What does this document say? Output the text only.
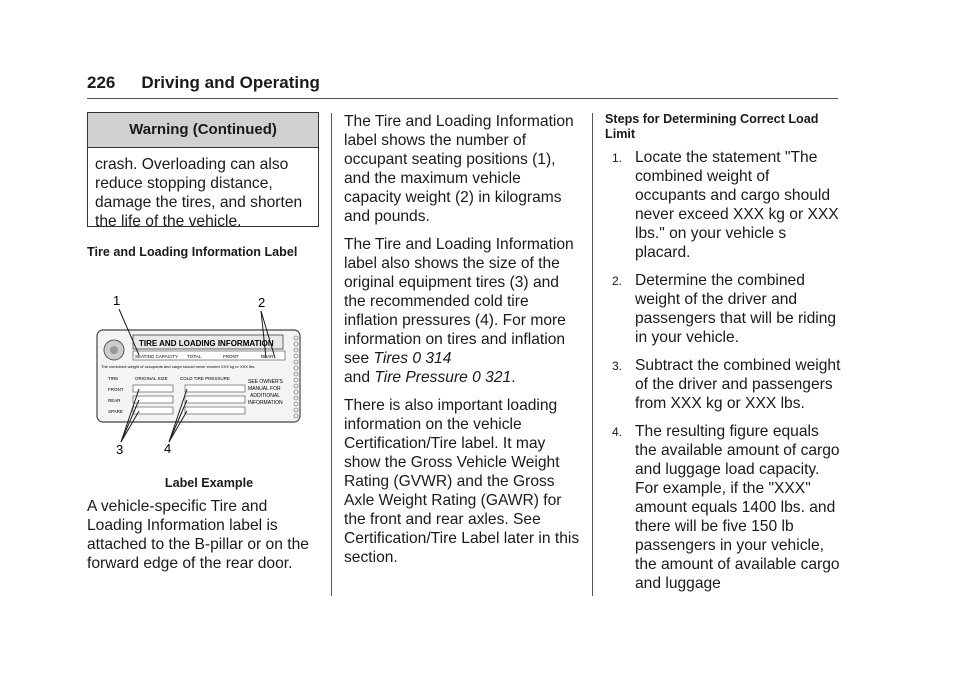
226 Driving and Operating
Warning (Continued)
crash. Overloading can also reduce stopping distance, damage the tires, and shorten the life of the vehicle.
Tire and Loading Information Label
1	2
3	4
TIRE AND LOADING INFORMATION
SEATING CAPACITY TOTAL	FRONT	REAR
The combined weight of occupants and cargo should never exceed XXX kg or XXX lbs.
TIRE	ORIGINAL SIZE	COLD TIRE PRESSURE
FRONT
REAR
SPARE
SEE OWNER'S
MANUAL FOR
ADDITIONAL
INFORMATION
Label Example
A vehicle-specific Tire and Loading Information label is attached to the B-pillar or on the forward edge of the rear door.

The Tire and Loading Information label shows the number of occupant seating positions (1), and the maximum vehicle capacity weight (2) in kilograms and pounds.

The Tire and Loading Information label also shows the size of the original equipment tires (3) and the recommended cold tire inflation pressures (4). For more information on tires and inflation see Tires 0 314
and Tire Pressure 0 321.

There is also important loading information on the vehicle Certification/Tire label. It may show the Gross Vehicle Weight Rating (GVWR) and the Gross Axle Weight Rating (GAWR) for the front and rear axles. See Certification/Tire Label later in this section.

Steps for Determining Correct Load Limit
1. Locate the statement "The combined weight of occupants and cargo should never exceed XXX kg or XXX lbs." on your vehicle s placard.
2. Determine the combined weight of the driver and passengers that will be riding in your vehicle.
3. Subtract the combined weight of the driver and passengers from XXX kg or XXX lbs.
4. The resulting figure equals the available amount of cargo and luggage load capacity. For example, if the "XXX" amount equals 1400 lbs. and there will be five 150 lb passengers in your vehicle, the amount of available cargo and luggage
